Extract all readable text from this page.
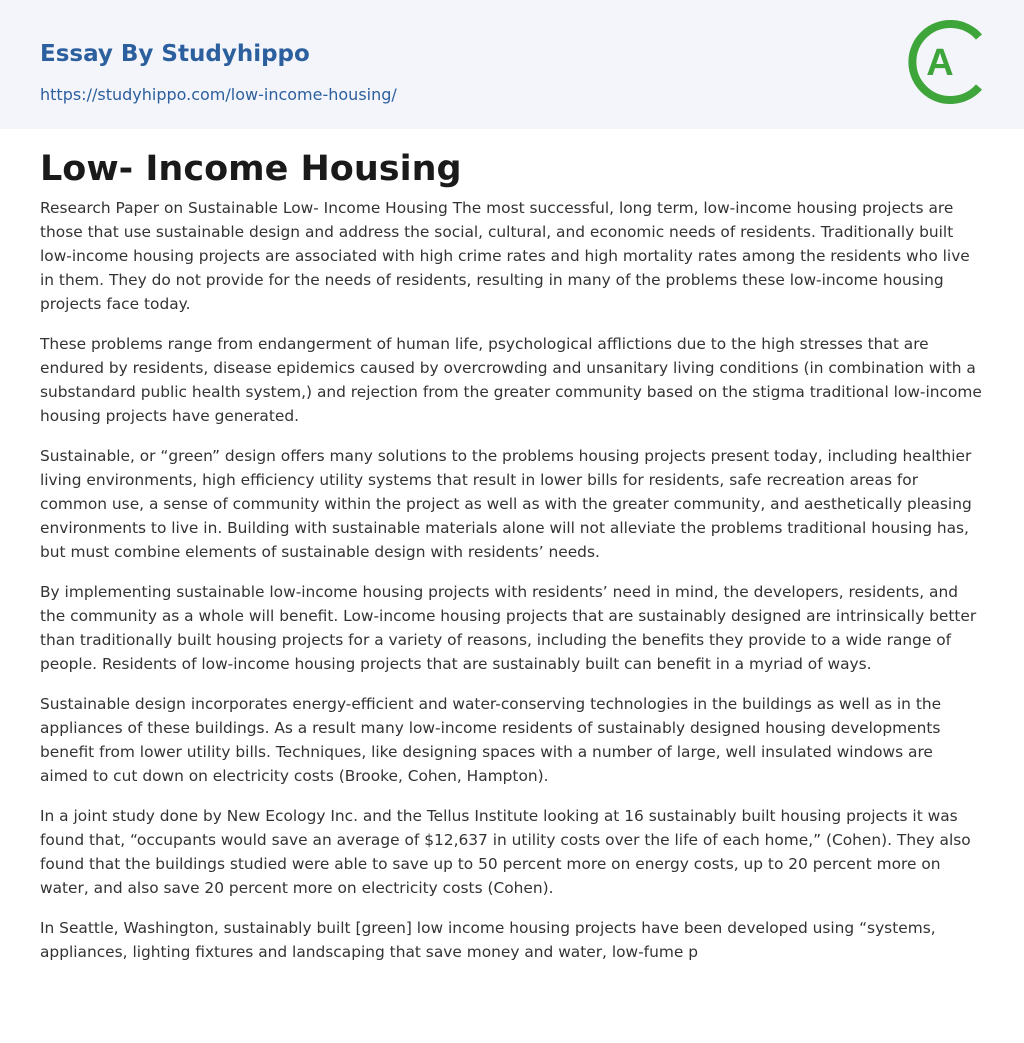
Essay By Studyhippo
https://studyhippo.com/low-income-housing/
A
Low- Income Housing

Research Paper on Sustainable Low- Income Housing The most successful, long term, low-income housing projects are those that use sustainable design and address the social, cultural, and economic needs of residents. Traditionally built low-income housing projects are associated with high crime rates and high mortality rates among the residents who live in them. They do not provide for the needs of residents, resulting in many of the problems these low-income housing projects face today.

These problems range from endangerment of human life, psychological afflictions due to the high stresses that are endured by residents, disease epidemics caused by overcrowding and unsanitary living conditions (in combination with a substandard public health system,) and rejection from the greater community based on the stigma traditional low-income housing projects have generated.

Sustainable, or “green” design offers many solutions to the problems housing projects present today, including healthier living environments, high efficiency utility systems that result in lower bills for residents, safe recreation areas for common use, a sense of community within the project as well as with the greater community, and aesthetically pleasing environments to live in. Building with sustainable materials alone will not alleviate the problems traditional housing has, but must combine elements of sustainable design with residents’ needs.

By implementing sustainable low-income housing projects with residents’ need in mind, the developers, residents, and the community as a whole will benefit. Low-income housing projects that are sustainably designed are intrinsically better than traditionally built housing projects for a variety of reasons, including the benefits they provide to a wide range of people. Residents of low-income housing projects that are sustainably built can benefit in a myriad of ways.

Sustainable design incorporates energy-efficient and water-conserving technologies in the buildings as well as in the appliances of these buildings. As a result many low-income residents of sustainably designed housing developments benefit from lower utility bills. Techniques, like designing spaces with a number of large, well insulated windows are aimed to cut down on electricity costs (Brooke, Cohen, Hampton).

In a joint study done by New Ecology Inc. and the Tellus Institute looking at 16 sustainably built housing projects it was found that, “occupants would save an average of $12,637 in utility costs over the life of each home,” (Cohen). They also found that the buildings studied were able to save up to 50 percent more on energy costs, up to 20 percent more on water, and also save 20 percent more on electricity costs (Cohen).

In Seattle, Washington, sustainably built [green] low income housing projects have been developed using “systems, appliances, lighting fixtures and landscaping that save money and water, low-fume p
